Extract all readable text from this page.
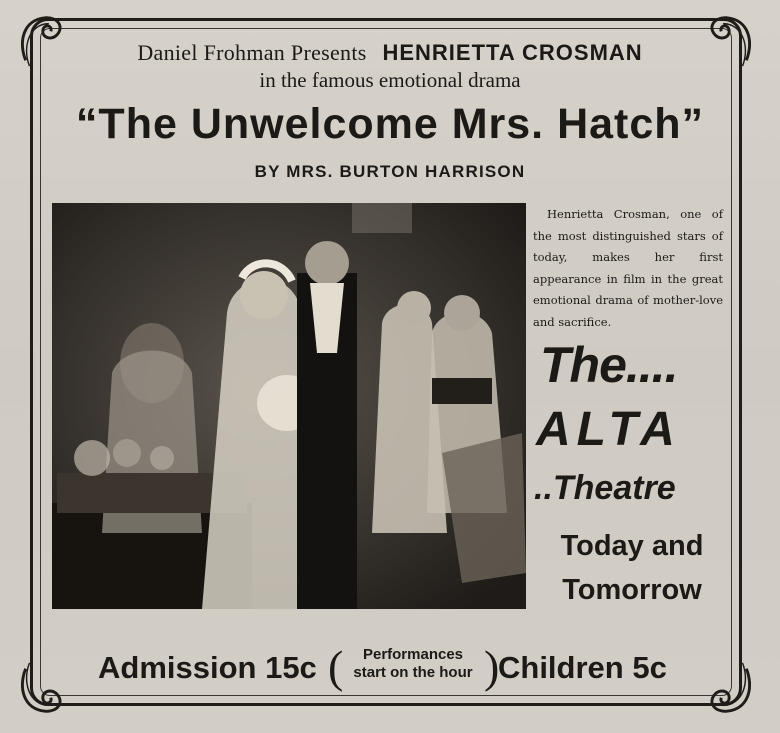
Daniel Frohman Presents HENRIETTA CROSMAN
in the famous emotional drama
“The Unwelcome Mrs. Hatch”
BY MRS. BURTON HARRISON
Henrietta Crosman, one of the most distinguished stars of today, makes her first appearance in film in the great emotional drama of mother-love and sacrifice.
The....
ALTA
..Theatre
Today and
Tomorrow
Admission 15c (	Performances
start on the hour )
Children 5c
